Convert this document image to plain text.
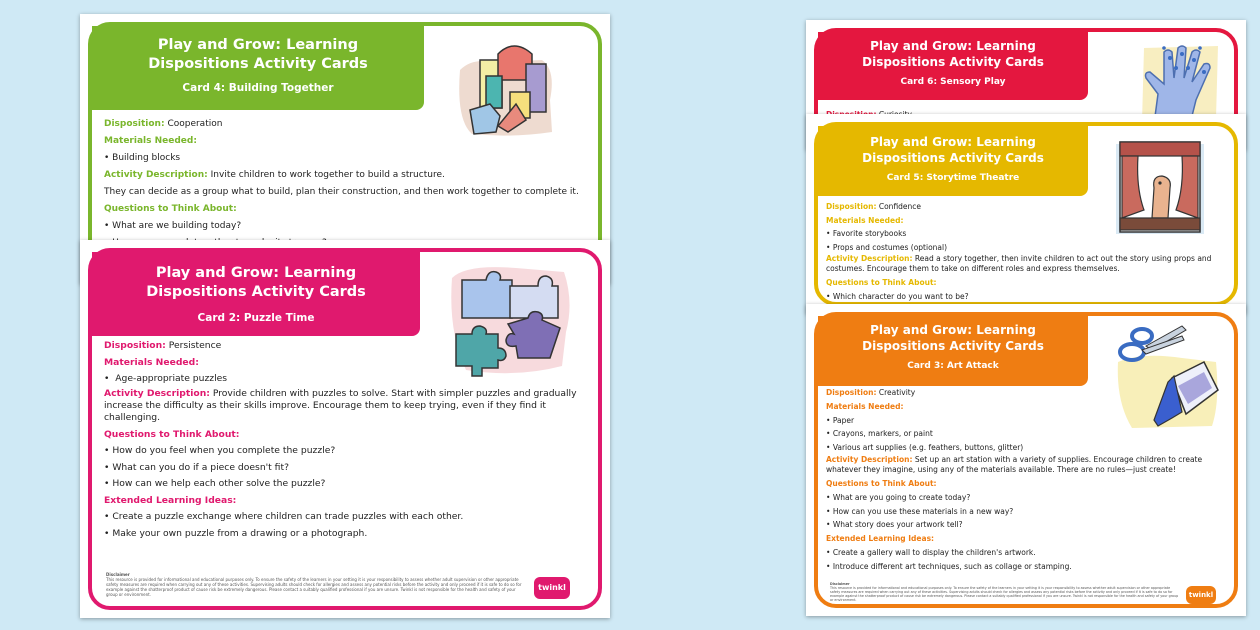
Play and Grow: Learning Dispositions Activity Cards
Card 4: Building Together

Disposition: Cooperation

Materials Needed:

• Building blocks

Activity Description: Invite children to work together to build a structure.

They can decide as a group what to build, plan their construction, and then work together to complete it.

Questions to Think About:

• What are we building today?

Play and Grow: Learning Dispositions Activity Cards
Card 2: Puzzle Time

Disposition: Persistence

Materials Needed:

•  Age-appropriate puzzles

Activity Description: Provide children with puzzles to solve. Start with simpler puzzles and gradually increase the difficulty as their skills improve. Encourage them to keep trying, even if they find it challenging.

Questions to Think About:

• How do you feel when you complete the puzzle?

• What can you do if a piece doesn't fit?

• How can we help each other solve the puzzle?

Extended Learning Ideas:

• Create a puzzle exchange where children can trade puzzles with each other.

• Make your own puzzle from a drawing or a photograph.

Disclaimer
This resource is provided for informational and educational purposes only. To ensure the safety of the learners in your setting it is your responsibility to assess whether adult supervision or other appropriate safety measures are required when carrying out any of these activities. Supervising adults should check for allergies and assess any potential risks before the activity and only proceed if it is safe to do so for example against the shatterproof product of cause risk be extremely dangerous. Please contact a suitably qualified professional if you are unsure. Twinkl is not responsible for the health and safety of your group or environment.
twinkl
Play and Grow: Learning Dispositions Activity Cards
Card 6: Sensory Play

Play and Grow: Learning Dispositions Activity Cards
Card 5: Storytime Theatre

Disposition: Confidence

Materials Needed:

• Favorite storybooks

• Props and costumes (optional)

Activity Description: Read a story together, then invite children to act out the story using props and costumes. Encourage them to take on different roles and express themselves.

Questions to Think About:

• Which character do you want to be?

Play and Grow: Learning Dispositions Activity Cards
Card 3: Art Attack

Disposition: Creativity

Materials Needed:

• Paper

• Crayons, markers, or paint

• Various art supplies (e.g. feathers, buttons, glitter)

Activity Description: Set up an art station with a variety of supplies. Encourage children to create whatever they imagine, using any of the materials available. There are no rules—just create!

Questions to Think About:

• What are you going to create today?

• How can you use these materials in a new way?

• What story does your artwork tell?

Extended Learning Ideas:

• Create a gallery wall to display the children's artwork.

• Introduce different art techniques, such as collage or stamping.

Disclaimer
This resource is provided for informational and educational purposes only. To ensure the safety of the learners in your setting it is your responsibility to assess whether adult supervision or other appropriate safety measures are required when carrying out any of these activities. Supervising adults should check for allergies and assess any potential risks before the activity and only proceed if it is safe to do so for example against the shatterproof product of cause risk be extremely dangerous. Please contact a suitably qualified professional if you are unsure. Twinkl is not responsible for the health and safety of your group or environment.
twinkl
